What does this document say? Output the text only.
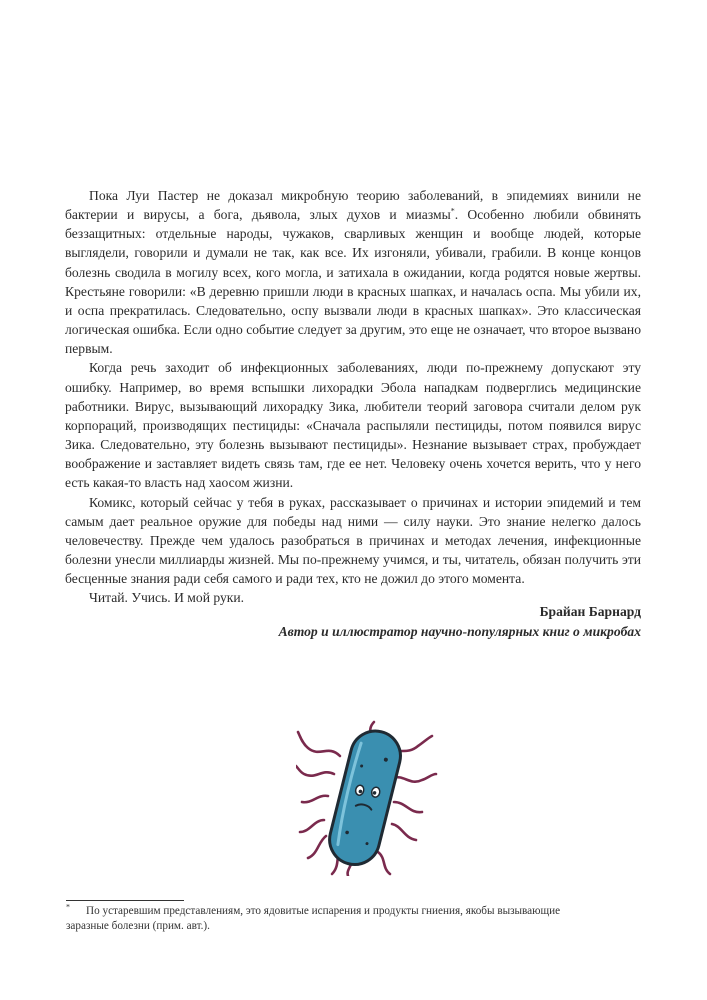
Пока Луи Пастер не доказал микробную теорию заболеваний, в эпидемиях винили не бактерии и вирусы, а бога, дьявола, злых духов и миазмы*. Особенно любили обвинять беззащитных: отдельные народы, чужаков, сварливых женщин и вообще людей, которые выглядели, говорили и думали не так, как все. Их изгоняли, убивали, грабили. В конце концов болезнь сводила в могилу всех, кого могла, и затихала в ожидании, когда родятся новые жертвы. Крестьяне говорили: «В деревню пришли люди в красных шапках, и началась оспа. Мы убили их, и оспа прекратилась. Следовательно, оспу вызвали люди в красных шапках». Это классическая логическая ошибка. Если одно событие следует за другим, это еще не означает, что второе вызвано первым.

Когда речь заходит об инфекционных заболеваниях, люди по-прежнему допускают эту ошибку. Например, во время вспышки лихорадки Эбола нападкам подверглись медицинские работники. Вирус, вызывающий лихорадку Зика, любители теорий заговора считали делом рук корпораций, производящих пестициды: «Сначала распыляли пестициды, потом появился вирус Зика. Следовательно, эту болезнь вызывают пестициды». Незнание вызывает страх, пробуждает воображение и заставляет видеть связь там, где ее нет. Человеку очень хочется верить, что у него есть какая-то власть над хаосом жизни.

Комикс, который сейчас у тебя в руках, рассказывает о причинах и истории эпидемий и тем самым дает реальное оружие для победы над ними — силу науки. Это знание нелегко далось человечеству. Прежде чем удалось разобраться в причинах и методах лечения, инфекционные болезни унесли миллиарды жизней. Мы по-прежнему учимся, и ты, читатель, обязан получить эти бесценные знания ради себя самого и ради тех, кто не дожил до этого момента.

Читай. Учись. И мой руки.

Брайан Барнард
Автор и иллюстратор научно-популярных книг о микробах
* По устаревшим представлениям, это ядовитые испарения и продукты гниения, якобы вызывающие заразные болезни (прим. авт.).
